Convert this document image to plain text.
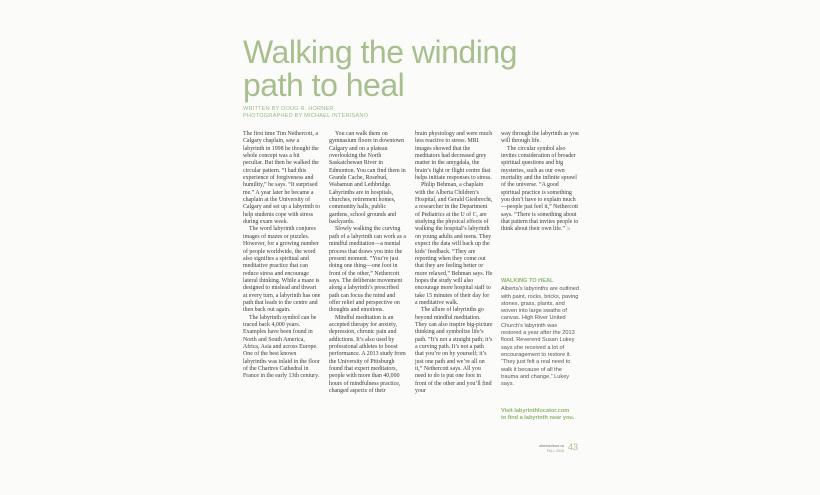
Walking the winding
path to heal
WRITTEN BY DOUG R. HORNER
PHOTOGRAPHED BY MICHAEL INTERISANO

The first time Tim Nethercott, a Calgary chaplain, saw a labyrinth in 1998 he thought the whole concept was a bit peculiar. But then he walked the circular pattern. “I had this experience of forgiveness and humility,” he says. “It surprised me.” A year later he became a chaplain at the University of Calgary and set up a labyrinth to help students cope with stress during exam week.

The word labyrinth conjures images of mazes or puzzles. However, for a growing number of people worldwide, the word also signifies a spiritual and meditative practice that can reduce stress and encourage lateral thinking. While a maze is designed to mislead and thwart at every turn, a labyrinth has one path that leads to the centre and then back out again.

The labyrinth symbol can be traced back 4,000 years. Examples have been found in North and South America, Africa, Asia and across Europe. One of the best known labyrinths was inlaid in the floor of the Chartres Cathedral in France in the early 13th century.

You can walk them on gymnasium floors in downtown Calgary and on a plateau overlooking the North Saskatchewan River in Edmonton. You can find them in Grande Cache, Rosebud, Wabamun and Lethbridge. Labyrinths are in hospitals, churches, retirement homes, community halls, public gardens, school grounds and backyards.

Slowly walking the curving path of a labyrinth can work as a mindful meditation—a mental process that draws you into the present moment. “You’re just doing one thing—one foot in front of the other,” Nethercott says. The deliberate movement along a labyrinth’s prescribed path can focus the mind and offer relief and perspective on thoughts and emotions.

Mindful meditation is an accepted therapy for anxiety, depression, chronic pain and addictions. It’s also used by professional athletes to boost performance. A 2013 study from the University of Pittsburgh found that expert meditators, people with more than 40,000 hours of mindfulness practice, changed aspects of their

brain physiology and were much less reactive to stress. MRI images showed that the meditators had decreased grey matter in the amygdala, the brain’s fight or flight centre that helps initiate responses to stress.

Philip Behman, a chaplain with the Alberta Children’s Hospital, and Gerald Giesbrecht, a researcher in the Department of Pediatrics at the U of C, are studying the physical effects of walking the hospital’s labyrinth on young adults and teens. They expect the data will back up the kids’ feedback. “They are reporting when they come out that they are feeling better or more relaxed,” Behman says. He hopes the study will also encourage more hospital staff to take 15 minutes of their day for a meditative walk.

The allure of labyrinths go beyond mindful meditation. They can also inspire big-picture thinking and symbolize life’s path. “It’s not a straight path; it’s a curving path. It’s not a path that you’re on by yourself; it’s just one path and we’re all on it,” Nethercott says. All you need to do is put one foot in front of the other and you’ll find your

way through the labyrinth as you will through life.

The circular symbol also invites consideration of broader spiritual questions and big mysteries, such as our own mortality and the infinite sprawl of the universe. “A good spiritual practice is something you don’t have to explain much—people just feel it,” Nethercott says. “There is something about that pattern that invites people to think about their own life.” |a

WALKING TO HEAL
Alberta’s labyrinths are outlined with paint, rocks, bricks, paving stones, grass, plants, and woven into large swaths of canvas. High River United Church’s labyrinth was restored a year after the 2013 flood. Reverend Susan Lukey says she received a lot of encouragement to restore it. “They just felt a real need to walk it because of all the trauma and change,” Lukey says.
Visit labyrinthlocator.com
to find a labyrinth near you.
albertaviews.ca
FALL 2016 43
